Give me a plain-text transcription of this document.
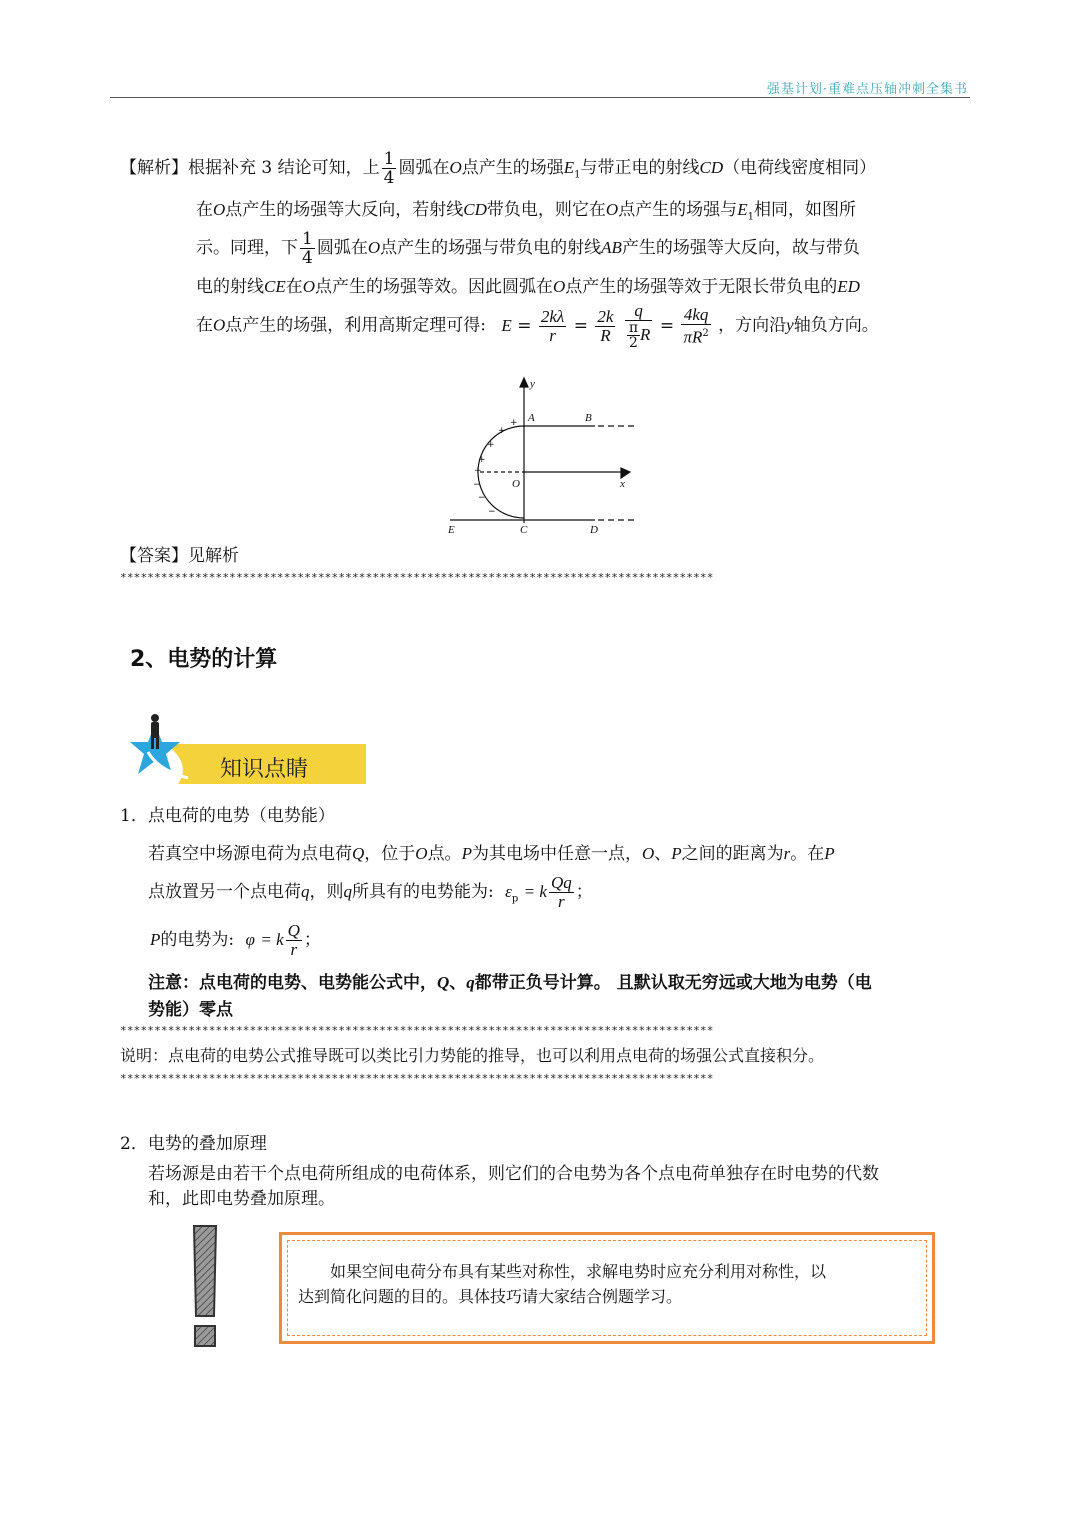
强基计划·重难点压轴冲刺全集书
【解析】根据补充 3 结论可知，上 $\frac{1}{4}$ 圆弧在O点产生的场强$E_1$与带正电的射线CD（电荷线密度相同）
在O点产生的场强等大反向，若射线CD带负电，则它在O点产生的场强与$E_1$相同，如图所
示。同理，下 $\frac{1}{4}$ 圆弧在O点产生的场强与带负电的射线AB产生的场强等大反向，故与带负
电的射线CE在O点产生的场强等效。因此圆弧在O点产生的场强等效于无限长带负电的ED
在O点产生的场强，利用高斯定理可得: $E = \frac{2k\lambda}{r} = \frac{2k}{R}$
$\frac{q}{\frac{\pi}{2} R} = \frac{4kq}{\pi R^2}$ ，方向沿y轴负方向。
y
x
A	B
O
E	C	D
+
+
+
+
+
−
−
−
【答案】见解析
***************************************************************************************
2、电势的计算
知识点睛
1．点电荷的电势（电势能）
若真空中场源电荷为点电荷Q，位于O点。P为其电场中任意一点，O、P之间的距离为r。在P
点放置另一个点电荷q，则q所具有的电势能为: $\varepsilon_p = k \frac{Qq}{r}$ ；
P的电势为: φ = k $\frac{Q}{r}$ ；
注意：点电荷的电势、电势能公式中，Q、q都带正负号计算。 且默认取无穷远或大地为电势（电
势能）零点
***************************************************************************************
说明：点电荷的电势公式推导既可以类比引力势能的推导，也可以利用点电荷的场强公式直接积分。
***************************************************************************************
2．电势的叠加原理
若场源是由若干个点电荷所组成的电荷体系，则它们的合电势为各个点电荷单独存在时电势的代数
和，此即电势叠加原理。
如果空间电荷分布具有某些对称性，求解电势时应充分利用对称性，以
达到简化问题的目的。具体技巧请大家结合例题学习。
